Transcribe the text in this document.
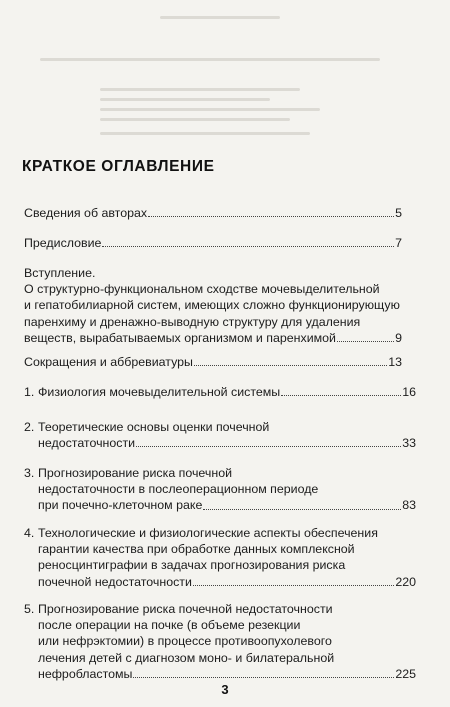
КРАТКОЕ ОГЛАВЛЕНИЕ
Сведения об авторах	5
Предисловие	7
Вступление.
О структурно-функциональном сходстве мочевыделительной
и гепатобилиарной систем, имеющих сложно функционирующую
паренхиму и дренажно-выводную структуру для удаления
веществ, вырабатываемых организмом и паренхимой	9
Сокращения и аббревиатуры	13
1. Физиология мочевыделительной системы	16
2. Теоретические основы оценки почечной
недостаточности	33
3. Прогнозирование риска почечной
недостаточности в послеоперационном периоде
при почечно-клеточном раке	83
4. Технологические и физиологические аспекты обеспечения
гарантии качества при обработке данных комплексной
реносцинтиграфии в задачах прогнозирования риска
почечной недостаточности	220
5. Прогнозирование риска почечной недостаточности
после операции на почке (в объеме резекции
или нефрэктомии) в процессе противоопухолевого
лечения детей с диагнозом моно- и билатеральной
нефробластомы	225
3
